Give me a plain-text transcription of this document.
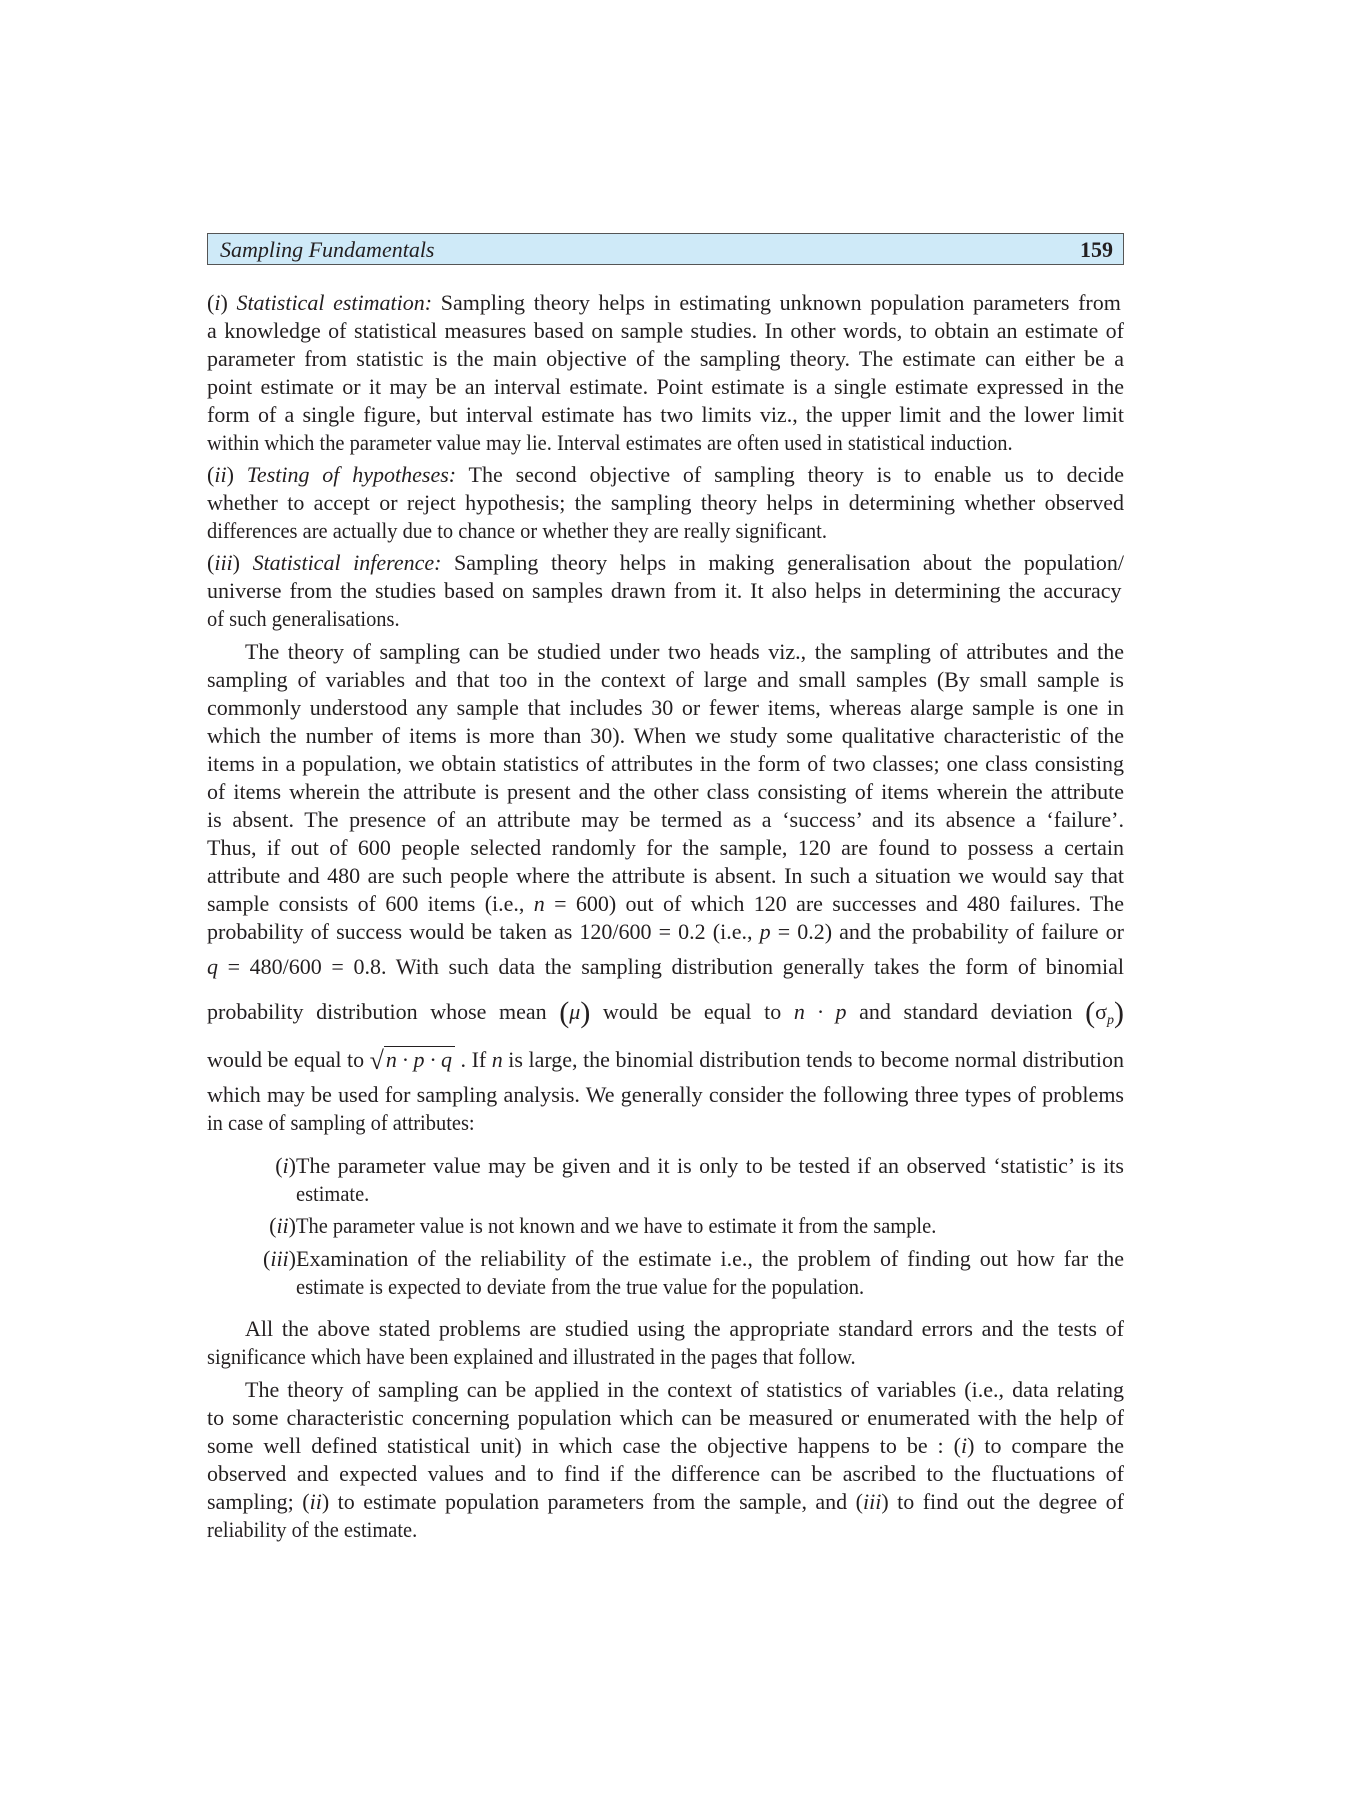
Sampling Fundamentals	159
(i) Statistical estimation: Sampling theory helps in estimating unknown population parameters from
a knowledge of statistical measures based on sample studies. In other words, to obtain an estimate of
parameter from statistic is the main objective of the sampling theory. The estimate can either be a
point estimate or it may be an interval estimate. Point estimate is a single estimate expressed in the
form of a single figure, but interval estimate has two limits viz., the upper limit and the lower limit
within which the parameter value may lie. Interval estimates are often used in statistical induction.
(ii) Testing of hypotheses: The second objective of sampling theory is to enable us to decide
whether to accept or reject hypothesis; the sampling theory helps in determining whether observed
differences are actually due to chance or whether they are really significant.
(iii) Statistical inference: Sampling theory helps in making generalisation about the population/
universe from the studies based on samples drawn from it. It also helps in determining the accuracy
of such generalisations.
The theory of sampling can be studied under two heads viz., the sampling of attributes and the
sampling of variables and that too in the context of large and small samples (By small sample is
commonly understood any sample that includes 30 or fewer items, whereas alarge sample is one in
which the number of items is more than 30). When we study some qualitative characteristic of the
items in a population, we obtain statistics of attributes in the form of two classes; one class consisting
of items wherein the attribute is present and the other class consisting of items wherein the attribute
is absent. The presence of an attribute may be termed as a ‘success’ and its absence a ‘failure’.
Thus, if out of 600 people selected randomly for the sample, 120 are found to possess a certain
attribute and 480 are such people where the attribute is absent. In such a situation we would say that
sample consists of 600 items (i.e., n = 600) out of which 120 are successes and 480 failures. The
probability of success would be taken as 120/600 = 0.2 (i.e., p = 0.2) and the probability of failure or
q = 480/600 = 0.8. With such data the sampling distribution generally takes the form of binomial
probability distribution whose mean (μ) would be equal to n · p and standard deviation $(\sigma_p)$
would be equal to √n · p · q . If n is large, the binomial distribution tends to become normal distribution
which may be used for sampling analysis. We generally consider the following three types of problems
in case of sampling of attributes:
(i) The parameter value may be given and it is only to be tested if an observed ‘statistic’ is its
estimate.
(ii) The parameter value is not known and we have to estimate it from the sample.
(iii) Examination of the reliability of the estimate i.e., the problem of finding out how far the
estimate is expected to deviate from the true value for the population.
All the above stated problems are studied using the appropriate standard errors and the tests of
significance which have been explained and illustrated in the pages that follow.
The theory of sampling can be applied in the context of statistics of variables (i.e., data relating
to some characteristic concerning population which can be measured or enumerated with the help of
some well defined statistical unit) in which case the objective happens to be : (i) to compare the
observed and expected values and to find if the difference can be ascribed to the fluctuations of
sampling; (ii) to estimate population parameters from the sample, and (iii) to find out the degree of
reliability of the estimate.
